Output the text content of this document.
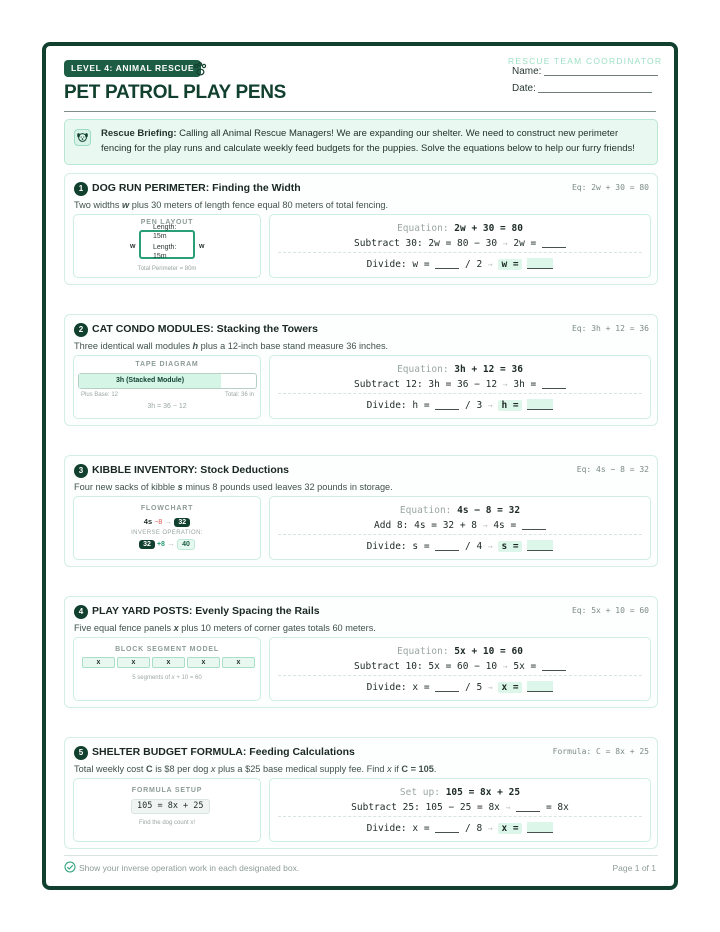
LEVEL 4: ANIMAL RESCUE
PET PATROL PLAY PENS
RESCUE TEAM COORDINATOR
Name:
Date:
Rescue Briefing: Calling all Animal Rescue Managers! We are expanding our shelter. We need to construct new perimeter fencing for the play runs and calculate weekly feed budgets for the puppies. Solve the equations below to help our furry friends!
1 DOG RUN PERIMETER: Finding the Width	Eq: 2w + 30 = 80
Two widths w plus 30 meters of length fence equal 80 meters of total fencing.
PEN LAYOUT
Length:
15m
Length:
15m
w	w
Total Perimeter = 80m
Equation: 2w + 30 = 80
Subtract 30: 2w = 80 − 30 → 2w =
Divide: w =	/ 2 → w =
2 CAT CONDO MODULES: Stacking the Towers	Eq: 3h + 12 = 36
Three identical wall modules h plus a 12-inch base stand measure 36 inches.
TAPE DIAGRAM
3h (Stacked Module)
Plus Base: 12	Total: 36 in
3h = 36 − 12
Equation: 3h + 12 = 36
Subtract 12: 3h = 36 − 12 → 3h =
Divide: h =	/ 3 → h =
3 KIBBLE INVENTORY: Stock Deductions	Eq: 4s − 8 = 32
Four new sacks of kibble s minus 8 pounds used leaves 32 pounds in storage.
FLOWCHART
4s −8 → 32
INVERSE OPERATION:
32 +8 → 40
Equation: 4s − 8 = 32
Add 8: 4s = 32 + 8 → 4s =
Divide: s =	/ 4 → s =
4 PLAY YARD POSTS: Evenly Spacing the Rails	Eq: 5x + 10 = 60
Five equal fence panels x plus 10 meters of corner gates totals 60 meters.
BLOCK SEGMENT MODEL
x	x	x	x	x
5 segments of x + 10 = 60
Equation: 5x + 10 = 60
Subtract 10: 5x = 60 − 10 → 5x =
Divide: x =	/ 5 → x =
5 SHELTER BUDGET FORMULA: Feeding Calculations	Formula: C = 8x + 25
Total weekly cost C is $8 per dog x plus a $25 base medical supply fee. Find x if C = 105.
FORMULA SETUP
105 = 8x + 25
Find the dog count x!
Set up: 105 = 8x + 25
Subtract 25: 105 − 25 = 8x →	= 8x
Divide: x =	/ 8 → x =
Show your inverse operation work in each designated box.	Page 1 of 1
